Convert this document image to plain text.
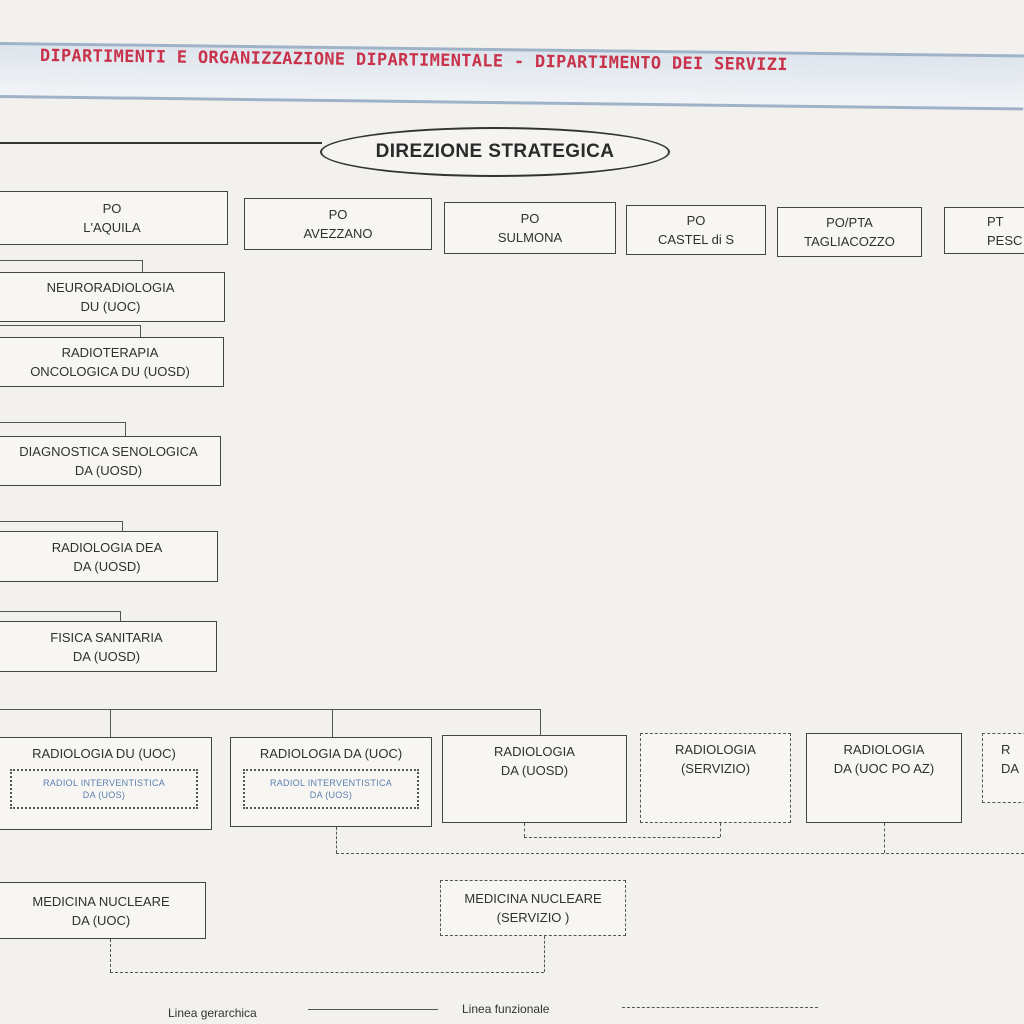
DIPARTIMENTI E ORGANIZZAZIONE DIPARTIMENTALE - DIPARTIMENTO DEI SERVIZI
DIREZIONE STRATEGICA
PO
L'AQUILA
PO
AVEZZANO
PO
SULMONA
PO
CASTEL di S
PO/PTA
TAGLIACOZZO
PT
PESC
NEURORADIOLOGIA
DU (UOC)
RADIOTERAPIA
ONCOLOGICA DU (UOSD)
DIAGNOSTICA SENOLOGICA
DA (UOSD)
RADIOLOGIA DEA
DA (UOSD)
FISICA SANITARIA
DA (UOSD)
RADIOLOGIA DU (UOC)
RADIOL INTERVENTISTICA
DA (UOS)
RADIOLOGIA DA (UOC)
RADIOL INTERVENTISTICA
DA (UOS)
RADIOLOGIA
DA (UOSD)
RADIOLOGIA
(SERVIZIO)
RADIOLOGIA
DA (UOC PO AZ)
R
DA
MEDICINA NUCLEARE
DA (UOC)
MEDICINA NUCLEARE
(SERVIZIO )
Linea gerarchica	Linea funzionale
